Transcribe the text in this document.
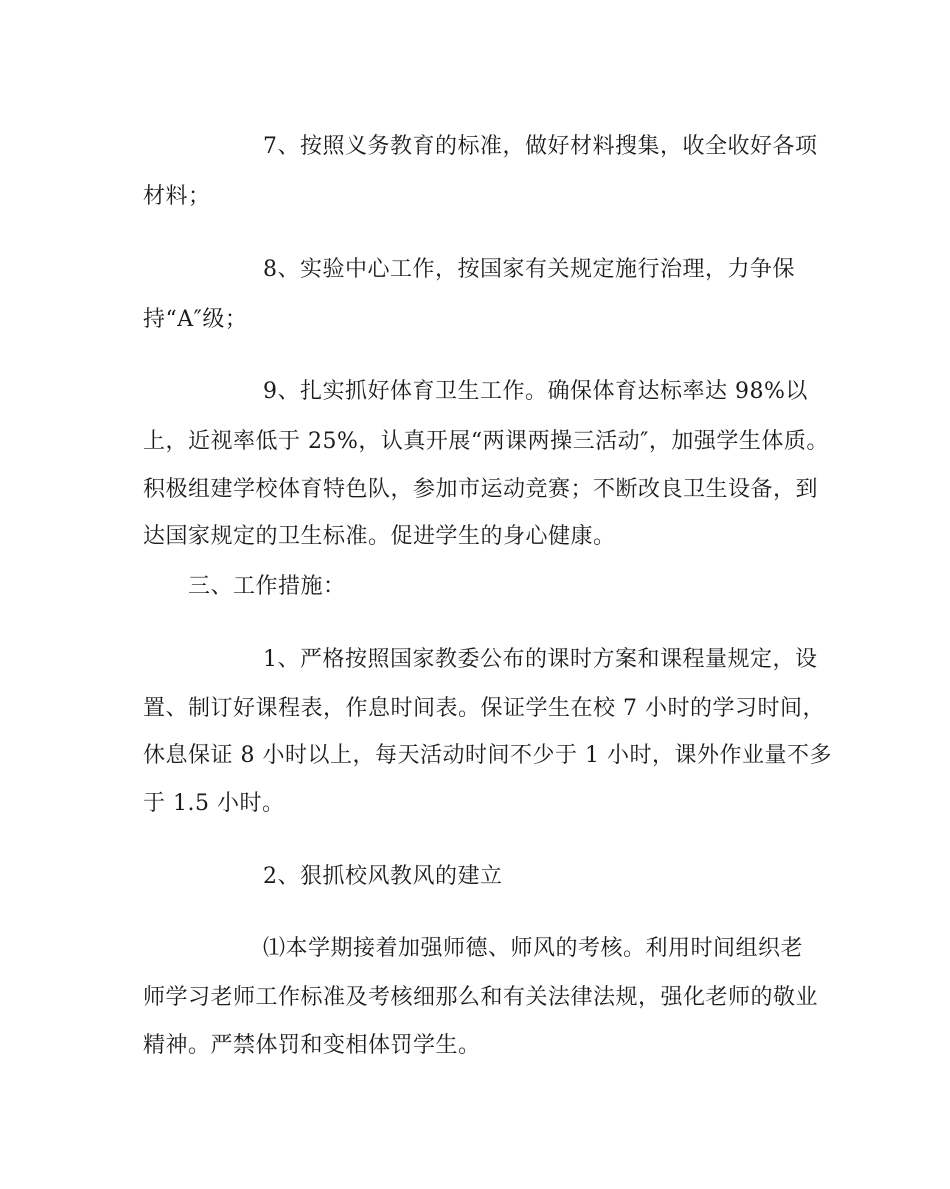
7、按照义务教育的标准，做好材料搜集，收全收好各项

材料；

8、实验中心工作，按国家有关规定施行治理，力争保

持“A″级；

9、扎实抓好体育卫生工作。确保体育达标率达 98%以

上，近视率低于 25%，认真开展“两课两操三活动″，加强学生体质。

积极组建学校体育特色队，参加市运动竞赛；不断改良卫生设备，到

达国家规定的卫生标准。促进学生的身心健康。

三、工作措施：

1、严格按照国家教委公布的课时方案和课程量规定，设

置、制订好课程表，作息时间表。保证学生在校 7 小时的学习时间，

休息保证 8 小时以上，每天活动时间不少于 1 小时，课外作业量不多

于 1.5 小时。

2、狠抓校风教风的建立

⑴本学期接着加强师德、师风的考核。利用时间组织老

师学习老师工作标准及考核细那么和有关法律法规，强化老师的敬业

精神。严禁体罚和变相体罚学生。
